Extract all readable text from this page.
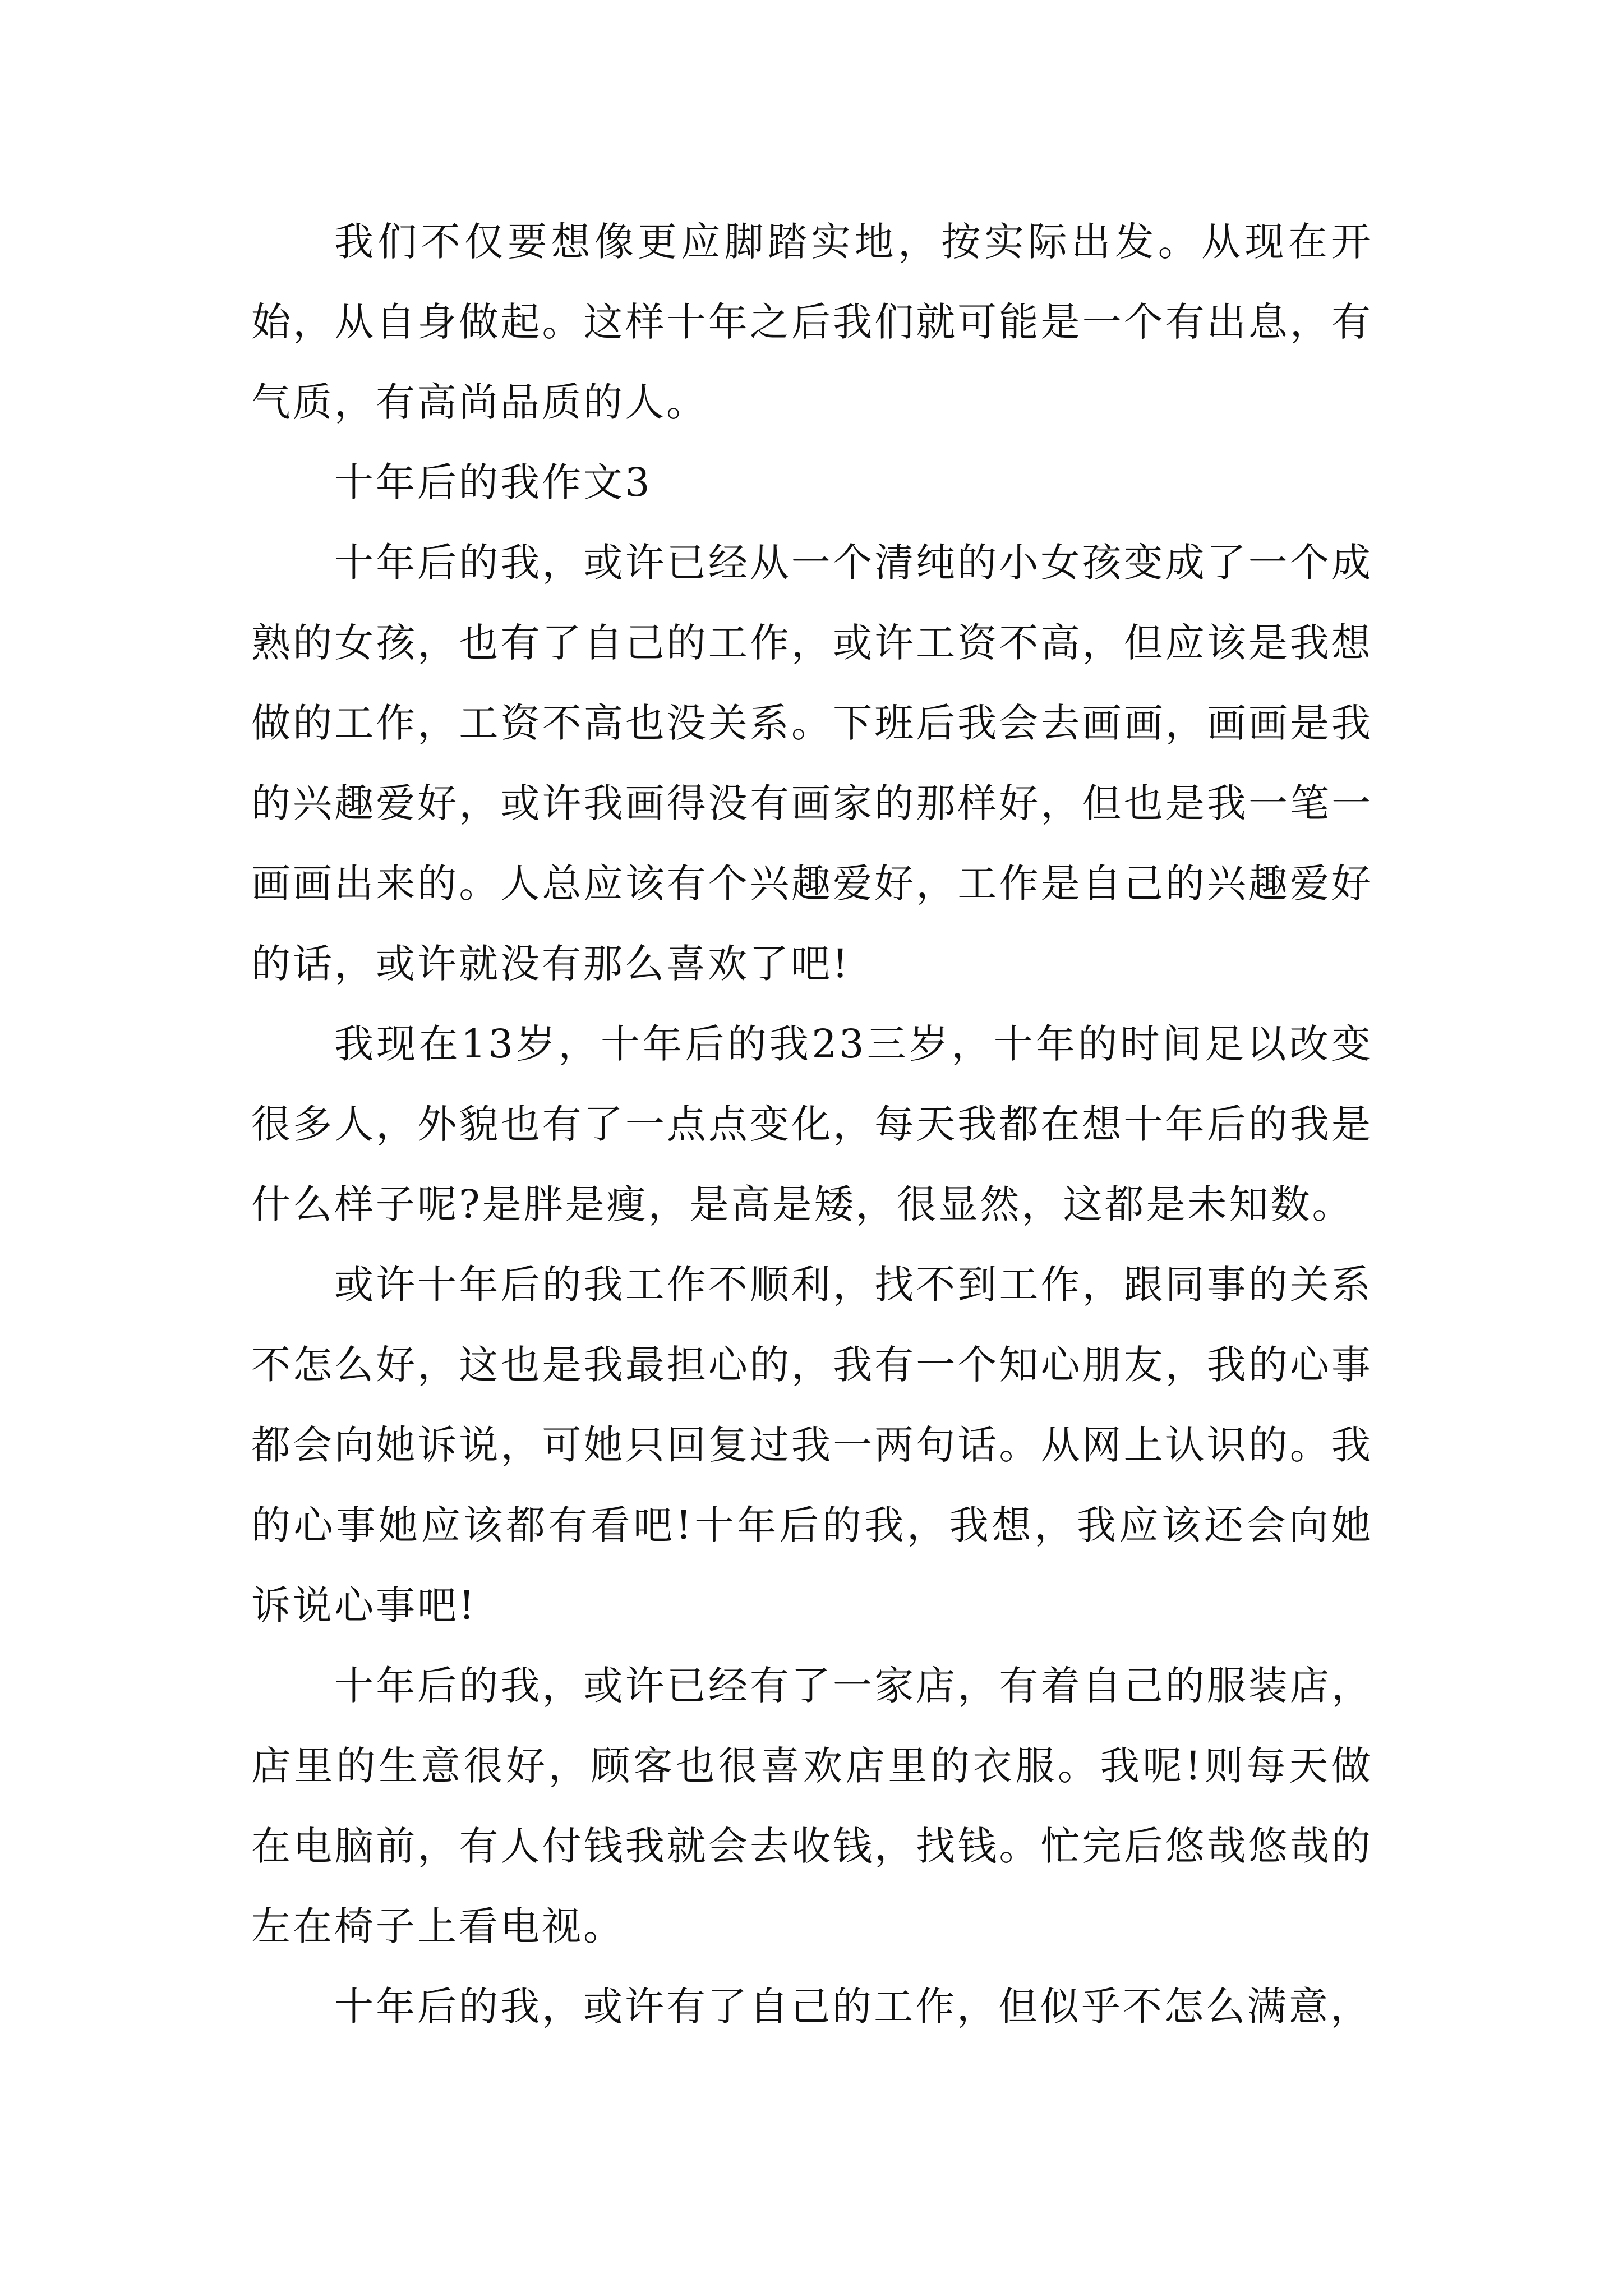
我们不仅要想像更应脚踏实地，按实际出发。从现在开始，从自身做起。这样十年之后我们就可能是一个有出息，有气质，有高尚品质的人。

十年后的我作文3

十年后的我，或许已经从一个清纯的小女孩变成了一个成熟的女孩，也有了自己的工作，或许工资不高，但应该是我想做的工作，工资不高也没关系。下班后我会去画画，画画是我的兴趣爱好，或许我画得没有画家的那样好，但也是我一笔一画画出来的。人总应该有个兴趣爱好，工作是自己的兴趣爱好的话，或许就没有那么喜欢了吧!

我现在13岁，十年后的我23三岁，十年的时间足以改变很多人，外貌也有了一点点变化，每天我都在想十年后的我是什么样子呢?是胖是瘦，是高是矮，很显然，这都是未知数。

或许十年后的我工作不顺利，找不到工作，跟同事的关系不怎么好，这也是我最担心的，我有一个知心朋友，我的心事都会向她诉说，可她只回复过我一两句话。从网上认识的。我的心事她应该都有看吧!十年后的我，我想，我应该还会向她诉说心事吧!

十年后的我，或许已经有了一家店，有着自己的服装店，店里的生意很好，顾客也很喜欢店里的衣服。我呢!则每天做在电脑前，有人付钱我就会去收钱，找钱。忙完后悠哉悠哉的左在椅子上看电视。

十年后的我，或许有了自己的工作，但似乎不怎么满意，
